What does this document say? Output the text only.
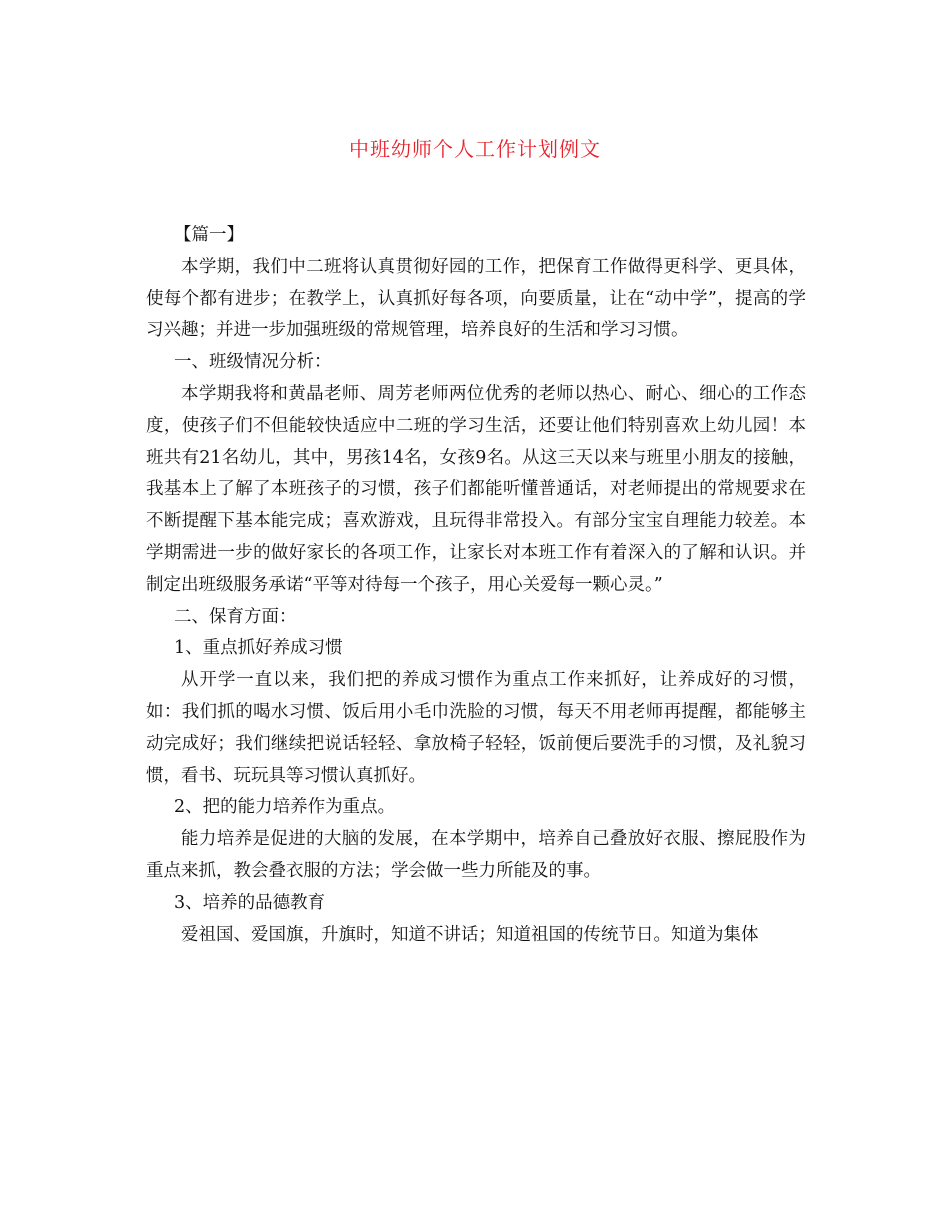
中班幼师个人工作计划例文

【篇一】

本学期，我们中二班将认真贯彻好园的工作，把保育工作做得更科学、更具体，使每个都有进步；在教学上，认真抓好每各项，向要质量，让在“动中学”，提高的学习兴趣；并进一步加强班级的常规管理，培养良好的生活和学习习惯。

一、班级情况分析：

本学期我将和黄晶老师、周芳老师两位优秀的老师以热心、耐心、细心的工作态度，使孩子们不但能较快适应中二班的学习生活，还要让他们特别喜欢上幼儿园！本班共有21名幼儿，其中，男孩14名，女孩9名。从这三天以来与班里小朋友的接触，我基本上了解了本班孩子的习惯，孩子们都能听懂普通话，对老师提出的常规要求在不断提醒下基本能完成；喜欢游戏，且玩得非常投入。有部分宝宝自理能力较差。本学期需进一步的做好家长的各项工作，让家长对本班工作有着深入的了解和认识。并制定出班级服务承诺“平等对待每一个孩子，用心关爱每一颗心灵。”

二、保育方面：

1、重点抓好养成习惯

从开学一直以来，我们把的养成习惯作为重点工作来抓好，让养成好的习惯，如：我们抓的喝水习惯、饭后用小毛巾洗脸的习惯，每天不用老师再提醒，都能够主动完成好；我们继续把说话轻轻、拿放椅子轻轻，饭前便后要洗手的习惯，及礼貌习惯，看书、玩玩具等习惯认真抓好。

2、把的能力培养作为重点。

能力培养是促进的大脑的发展，在本学期中，培养自己叠放好衣服、擦屁股作为重点来抓，教会叠衣服的方法；学会做一些力所能及的事。

3、培养的品德教育

爱祖国、爱国旗，升旗时，知道不讲话；知道祖国的传统节日。知道为集体
